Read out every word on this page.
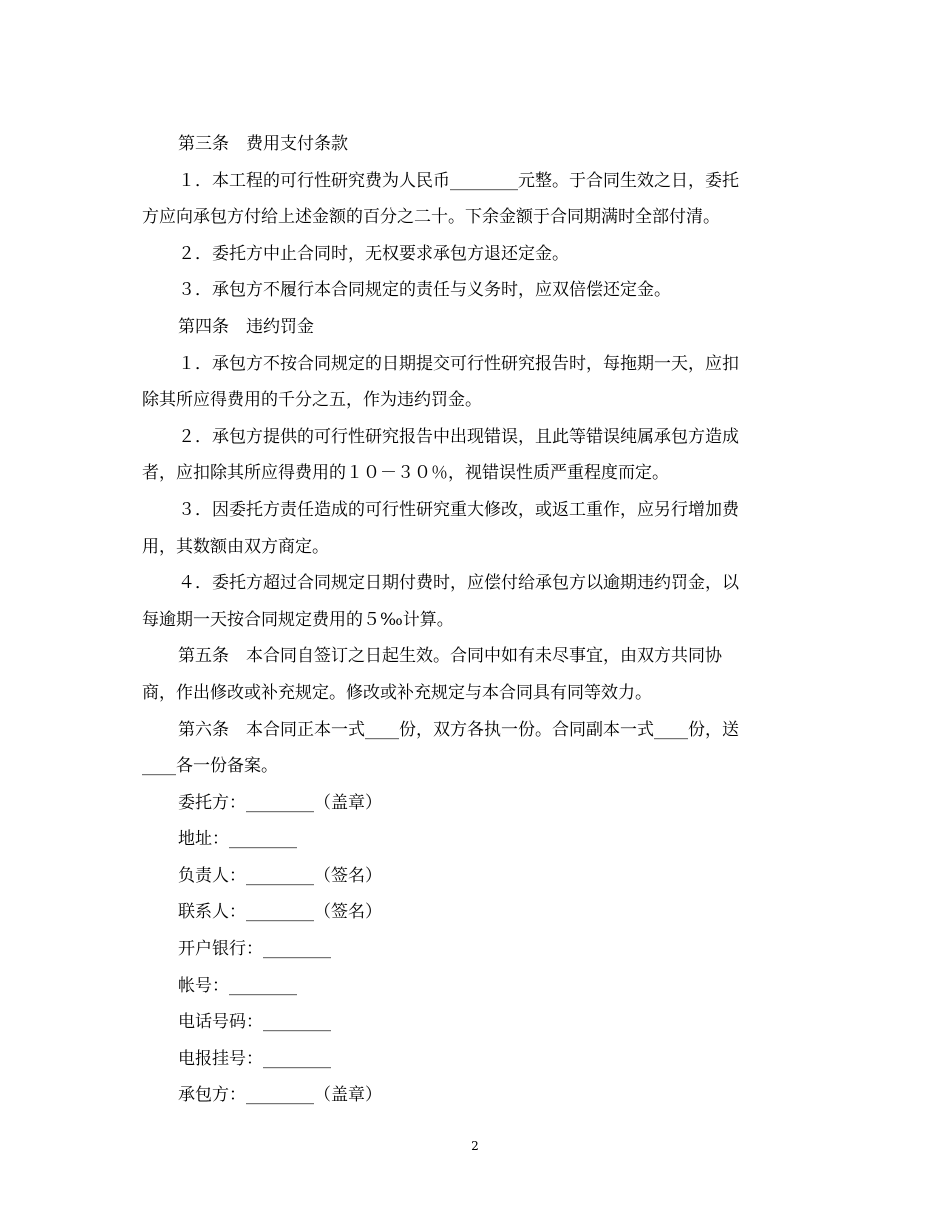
第三条　费用支付条款
１．本工程的可行性研究费为人民币________元整。于合同生效之日，委托
方应向承包方付给上述金额的百分之二十。下余金额于合同期满时全部付清。
２．委托方中止合同时，无权要求承包方退还定金。
３．承包方不履行本合同规定的责任与义务时，应双倍偿还定金。
第四条　违约罚金
１．承包方不按合同规定的日期提交可行性研究报告时，每拖期一天，应扣
除其所应得费用的千分之五，作为违约罚金。
２．承包方提供的可行性研究报告中出现错误，且此等错误纯属承包方造成
者，应扣除其所应得费用的１０－３０％，视错误性质严重程度而定。
３．因委托方责任造成的可行性研究重大修改，或返工重作，应另行增加费
用，其数额由双方商定。
４．委托方超过合同规定日期付费时，应偿付给承包方以逾期违约罚金，以
每逾期一天按合同规定费用的５‰计算。
第五条　本合同自签订之日起生效。合同中如有未尽事宜，由双方共同协
商，作出修改或补充规定。修改或补充规定与本合同具有同等效力。
第六条　本合同正本一式____份，双方各执一份。合同副本一式____份，送
____各一份备案。
委托方：________（盖章）
地址：________
负责人：________（签名）
联系人：________（签名）
开户银行：________
帐号：________
电话号码：________
电报挂号：________
承包方：________（盖章）
2
